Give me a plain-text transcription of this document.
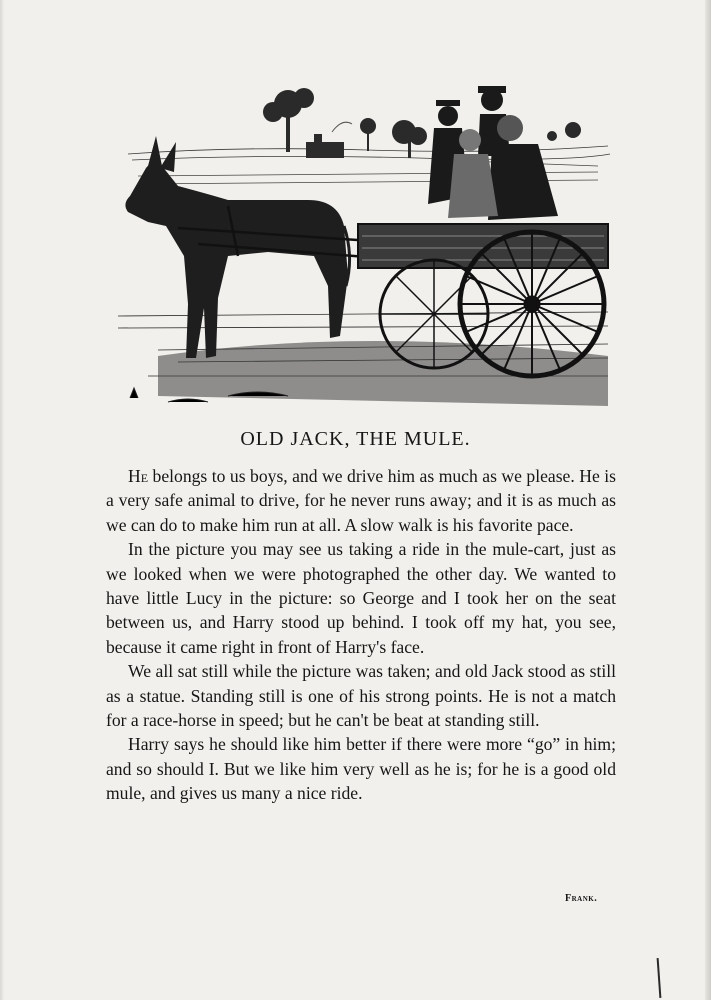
OLD JACK, THE MULE.

He belongs to us boys, and we drive him as much as we please. He is a very safe animal to drive, for he never runs away; and it is as much as we can do to make him run at all. A slow walk is his favorite pace.

In the picture you may see us taking a ride in the mule-cart, just as we looked when we were photographed the other day. We wanted to have little Lucy in the picture: so George and I took her on the seat between us, and Harry stood up behind. I took off my hat, you see, because it came right in front of Harry's face.

We all sat still while the picture was taken; and old Jack stood as still as a statue. Standing still is one of his strong points. He is not a match for a race-horse in speed; but he can't be beat at standing still.

Harry says he should like him better if there were more “go” in him; and so should I. But we like him very well as he is; for he is a good old mule, and gives us many a nice ride.

Frank.
